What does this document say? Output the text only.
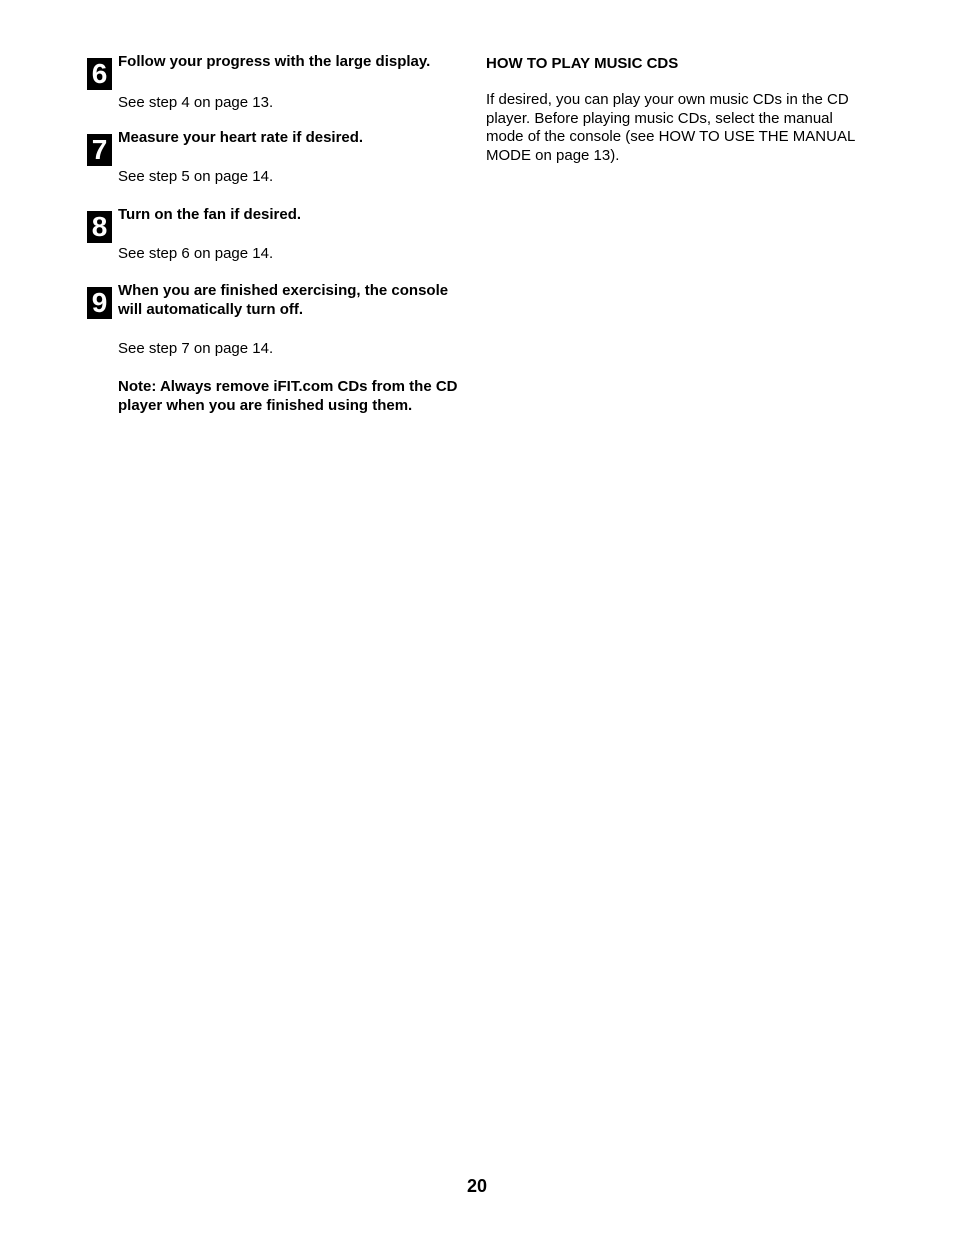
6 Follow your progress with the large display.
See step 4 on page 13.
7 Measure your heart rate if desired.
See step 5 on page 14.
8 Turn on the fan if desired.
See step 6 on page 14.
9 When you are finished exercising, the console will automatically turn off.
See step 7 on page 14.
Note: Always remove iFIT.com CDs from the CD player when you are finished using them.
HOW TO PLAY MUSIC CDS

If desired, you can play your own music CDs in the CD player. Before playing music CDs, select the manual mode of the console (see HOW TO USE THE MANUAL MODE on page 13).

20
